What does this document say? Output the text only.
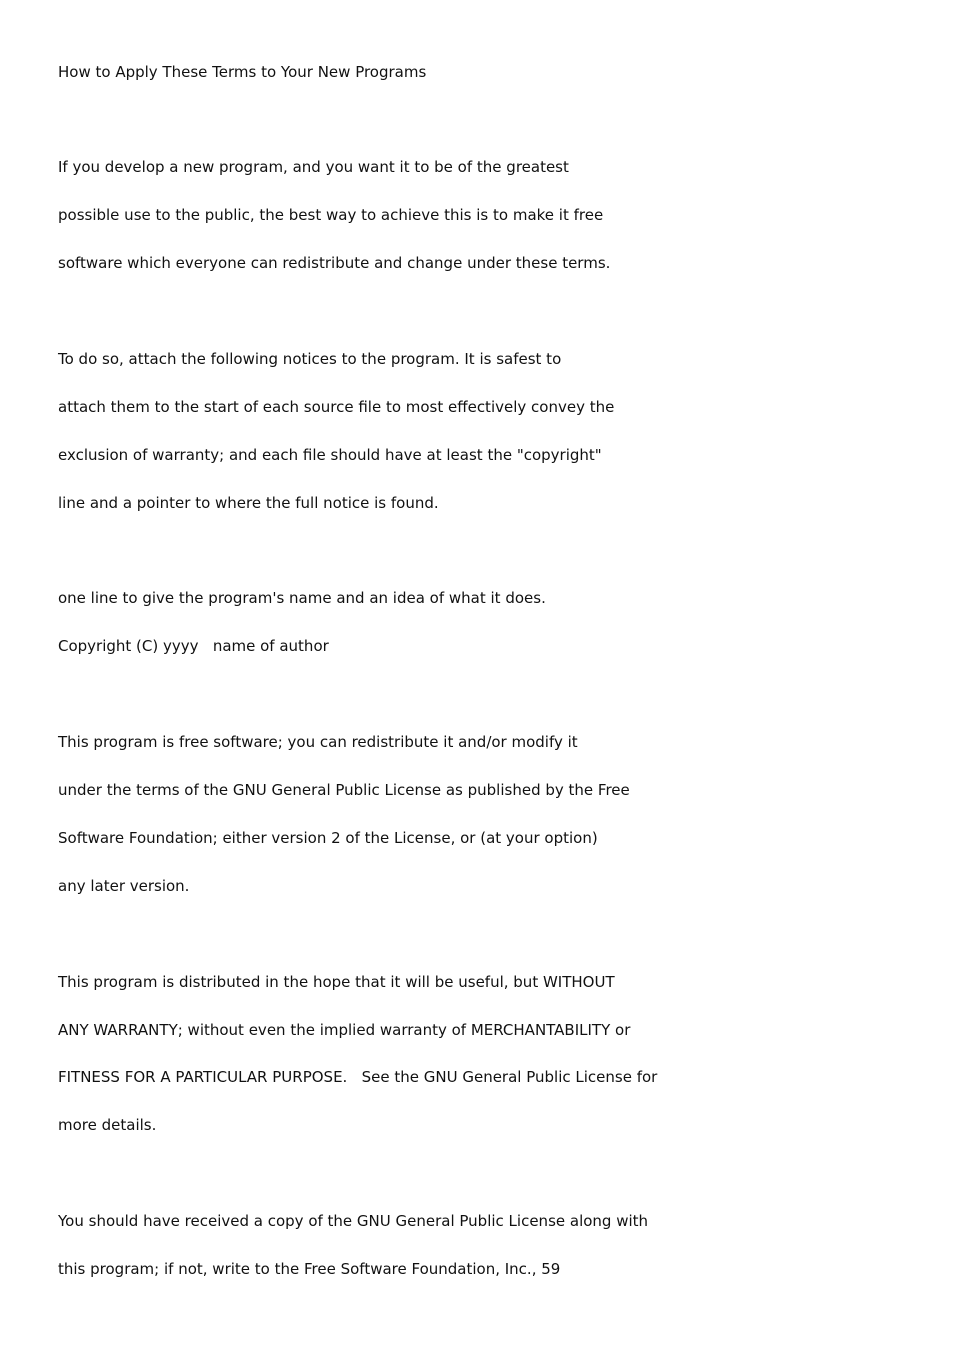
How to Apply These Terms to Your New Programs

If you develop a new program, and you want it to be of the greatest

possible use to the public, the best way to achieve this is to make it free

software which everyone can redistribute and change under these terms.

To do so, attach the following notices to the program. It is safest to

attach them to the start of each source file to most effectively convey the

exclusion of warranty; and each file should have at least the "copyright"

line and a pointer to where the full notice is found.

one line to give the program's name and an idea of what it does.

Copyright (C) yyyy   name of author

This program is free software; you can redistribute it and/or modify it

under the terms of the GNU General Public License as published by the Free

Software Foundation; either version 2 of the License, or (at your option)

any later version.

This program is distributed in the hope that it will be useful, but WITHOUT

ANY WARRANTY; without even the implied warranty of MERCHANTABILITY or

FITNESS FOR A PARTICULAR PURPOSE.   See the GNU General Public License for

more details.

You should have received a copy of the GNU General Public License along with

this program; if not, write to the Free Software Foundation, Inc., 59
